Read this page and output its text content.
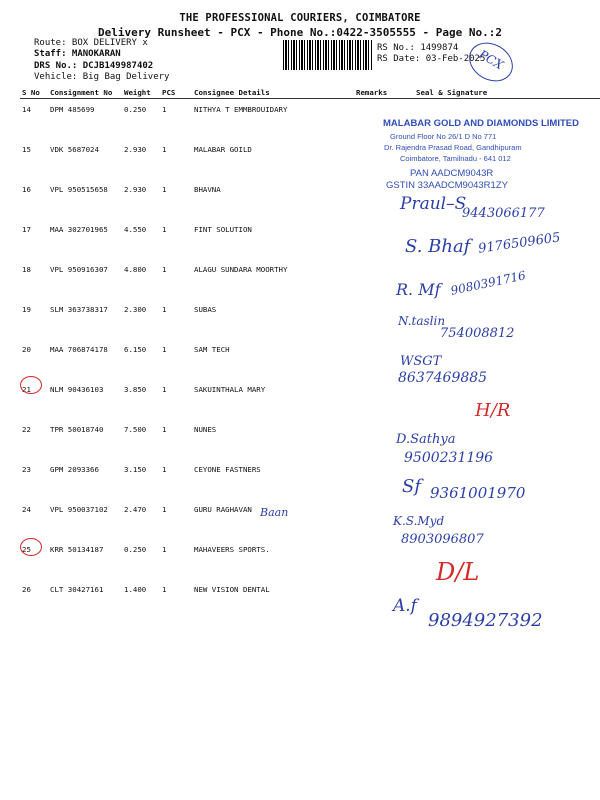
THE PROFESSIONAL COURIERS, COIMBATORE
Delivery Runsheet - PCX - Phone No.:0422-3505555 - Page No.:2
Route: BOX DELIVERY x
Staff: MANOKARAN
DRS No.: DCJB149987402
Vehicle: Big Bag Delivery
RS No.: 1499874
RS Date: 03-Feb-2025
PCX
S No	Consignment No	Weight	PCS	Consignee Details	Remarks	Seal & Signature
14	DPM 485699	0.250	1	NITHYA T EMMBROUIDARY		
15	VDK 5687024	2.930	1	MALABAR GOILD		
16	VPL 950515658	2.930	1	BHAVNA		
17	MAA 302701965	4.550	1	FINT SOLUTION		
18	VPL 950916307	4.800	1	ALAGU SUNDARA MOORTHY		
19	SLM 363738317	2.300	1	SUBAS		
20	MAA 706874178	6.150	1	SAM TECH		
21	NLM 90436103	3.850	1	SAKUINTHALA MARY		
22	TPR 50018740	7.500	1	NUNES		
23	GPM 2093366	3.150	1	CEYONE FASTNERS		
24	VPL 950037102	2.470	1	GURU RAGHAVAN		
25	KRR 50134187	0.250	1	MAHAVEERS SPORTS.		
26	CLT 30427161	1.400	1	NEW VISION DENTAL		
MALABAR GOLD AND DIAMONDS LIMITED
Ground Floor No 26/1 D No 771
Dr. Rajendra Prasad Road, Gandhipuram
Coimbatore, Tamilnadu - 641 012
PAN AADCM9043R
GSTIN 33AADCM9043R1ZY
Praul–S
9443066177
S. Bhaf 9176509605
R. Mf 9080391716
N.taslin
754008812
WSGT
8637469885
H/R
D.Sathya
9500231196
Sf 9361001970
Baan
K.S.Myd
8903096807
D/L
A.f
9894927392
